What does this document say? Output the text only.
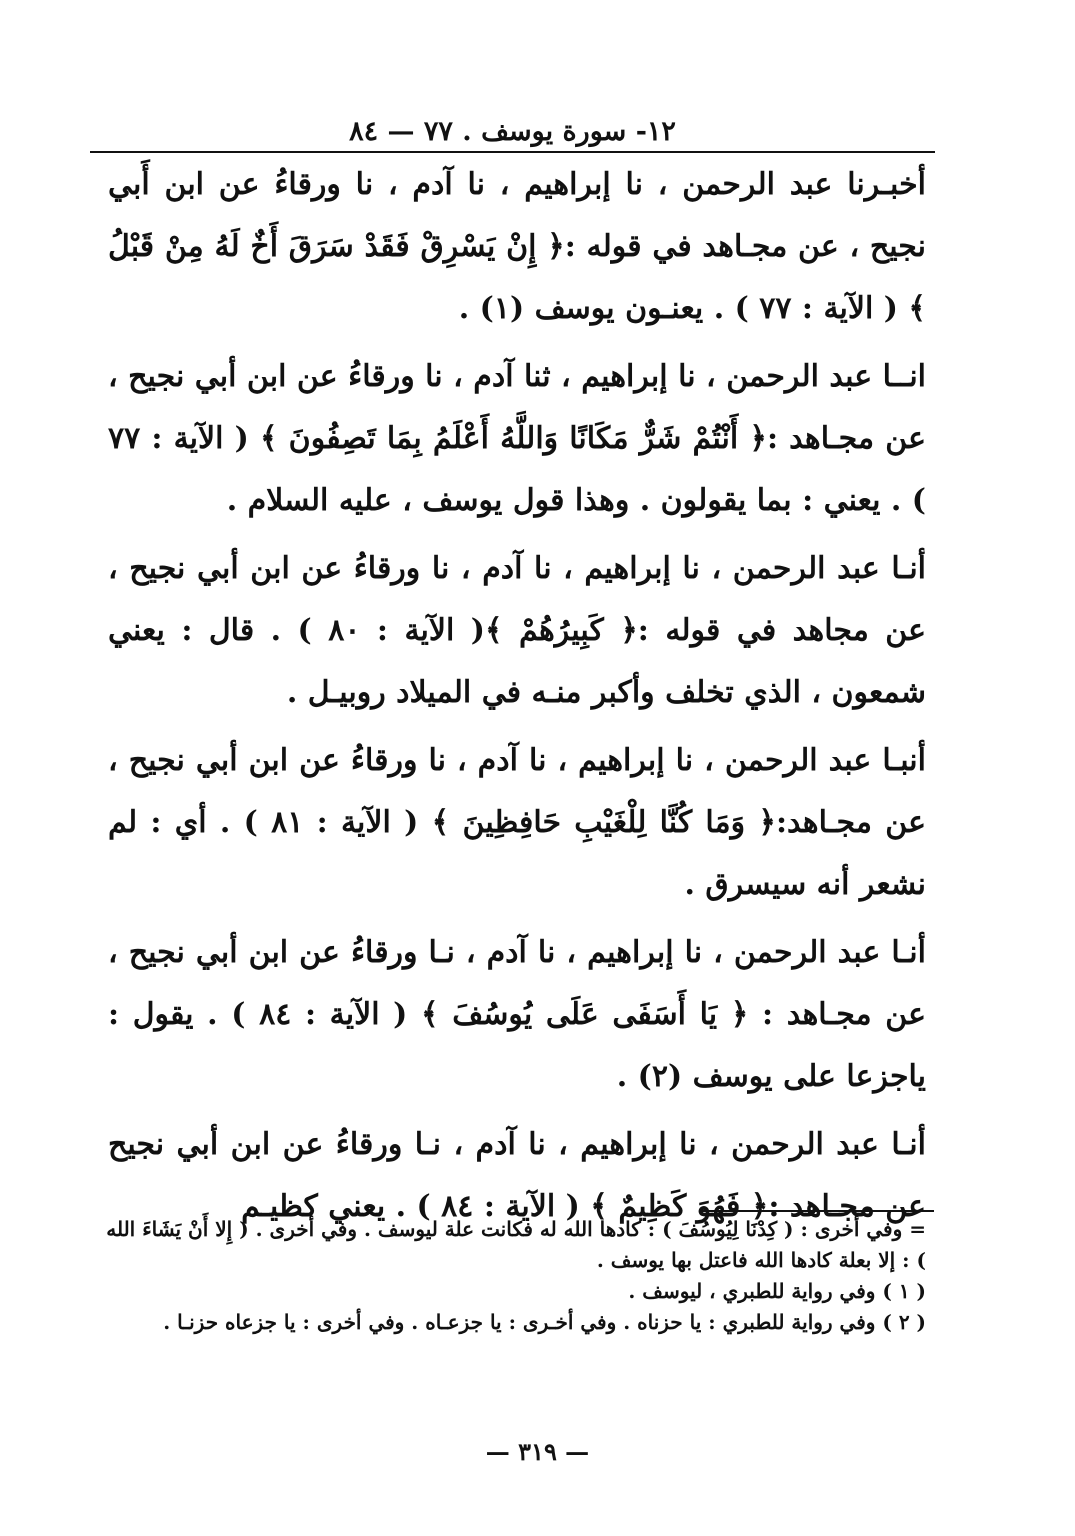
١٢- سورة يوسف . ٧٧ — ٨٤

أخبـرنا عبد الرحمن ، نا إبراهيم ، نا آدم ، نا ورقاءُ عن ابن أَبي نجيح ، عن مجـاهد في قوله :﴿ إِنْ يَسْرِقْ فَقَدْ سَرَقَ أَخٌ لَهُ مِنْ قَبْلُ ﴾ ( الآية : ٧٧ ) . يعنـون يوسف (١) .

انــا عبد الرحمن ، نا إبراهيم ، ثنا آدم ، نا ورقاءُ عن ابن أبي نجيح ، عن مجـاهد :﴿ أَنْتُمْ شَرٌّ مَكَانًا وَاللَّهُ أَعْلَمُ بِمَا تَصِفُونَ ﴾ ( الآية : ٧٧ ) . يعني : بما يقولون . وهذا قول يوسف ، عليه السلام .

أنـا عبد الرحمن ، نا إبراهيم ، نا آدم ، نا ورقاءُ عن ابن أبي نجيح ، عن مجاهد في قوله :﴿ كَبِيرُهُمْ ﴾( الآية : ٨٠ ) . قال : يعني شمعون ، الذي تخلف وأكبر منـه في الميلاد روبيـل .

أنبـا عبد الرحمن ، نا إبراهيم ، نا آدم ، نا ورقاءُ عن ابن أبي نجيح ، عن مجـاهد:﴿ وَمَا كُنَّا لِلْغَيْبِ حَافِظِينَ ﴾ ( الآية : ٨١ ) . أي : لم نشعر أنه سيسرق .

أنـا عبد الرحمن ، نا إبراهيم ، نا آدم ، نـا ورقاءُ عن ابن أبي نجيح ، عن مجـاهد : ﴿ يَا أَسَفَى عَلَى يُوسُفَ ﴾ ( الآية : ٨٤ ) . يقول : ياجزعا على يوسف (٢) .

أنـا عبد الرحمن ، نا إبراهيم ، نا آدم ، نـا ورقاءُ عن ابن أبي نجيح عن مجـاهد :﴿ فَهُوَ كَظِيمٌ ﴾ ( الآية : ٨٤ ) . يعني كظيـم

= وفي أخرى : ( كِدْنَا لِيُوسُفَ ) : كادها الله له فكانت علة ليوسف . وفي أخرى . ( إِلا أَنْ يَشَاءَ الله ) : إلا بعلة كادها الله فاعتل بها يوسف .

( ١ ) وفي رواية للطبري ، ليوسف .

( ٢ ) وفي رواية للطبري : يا حزناه . وفي أخـرى : يا جزعـاه . وفي أخرى : يا جزعاه حزنـا .

— ٣١٩ —
